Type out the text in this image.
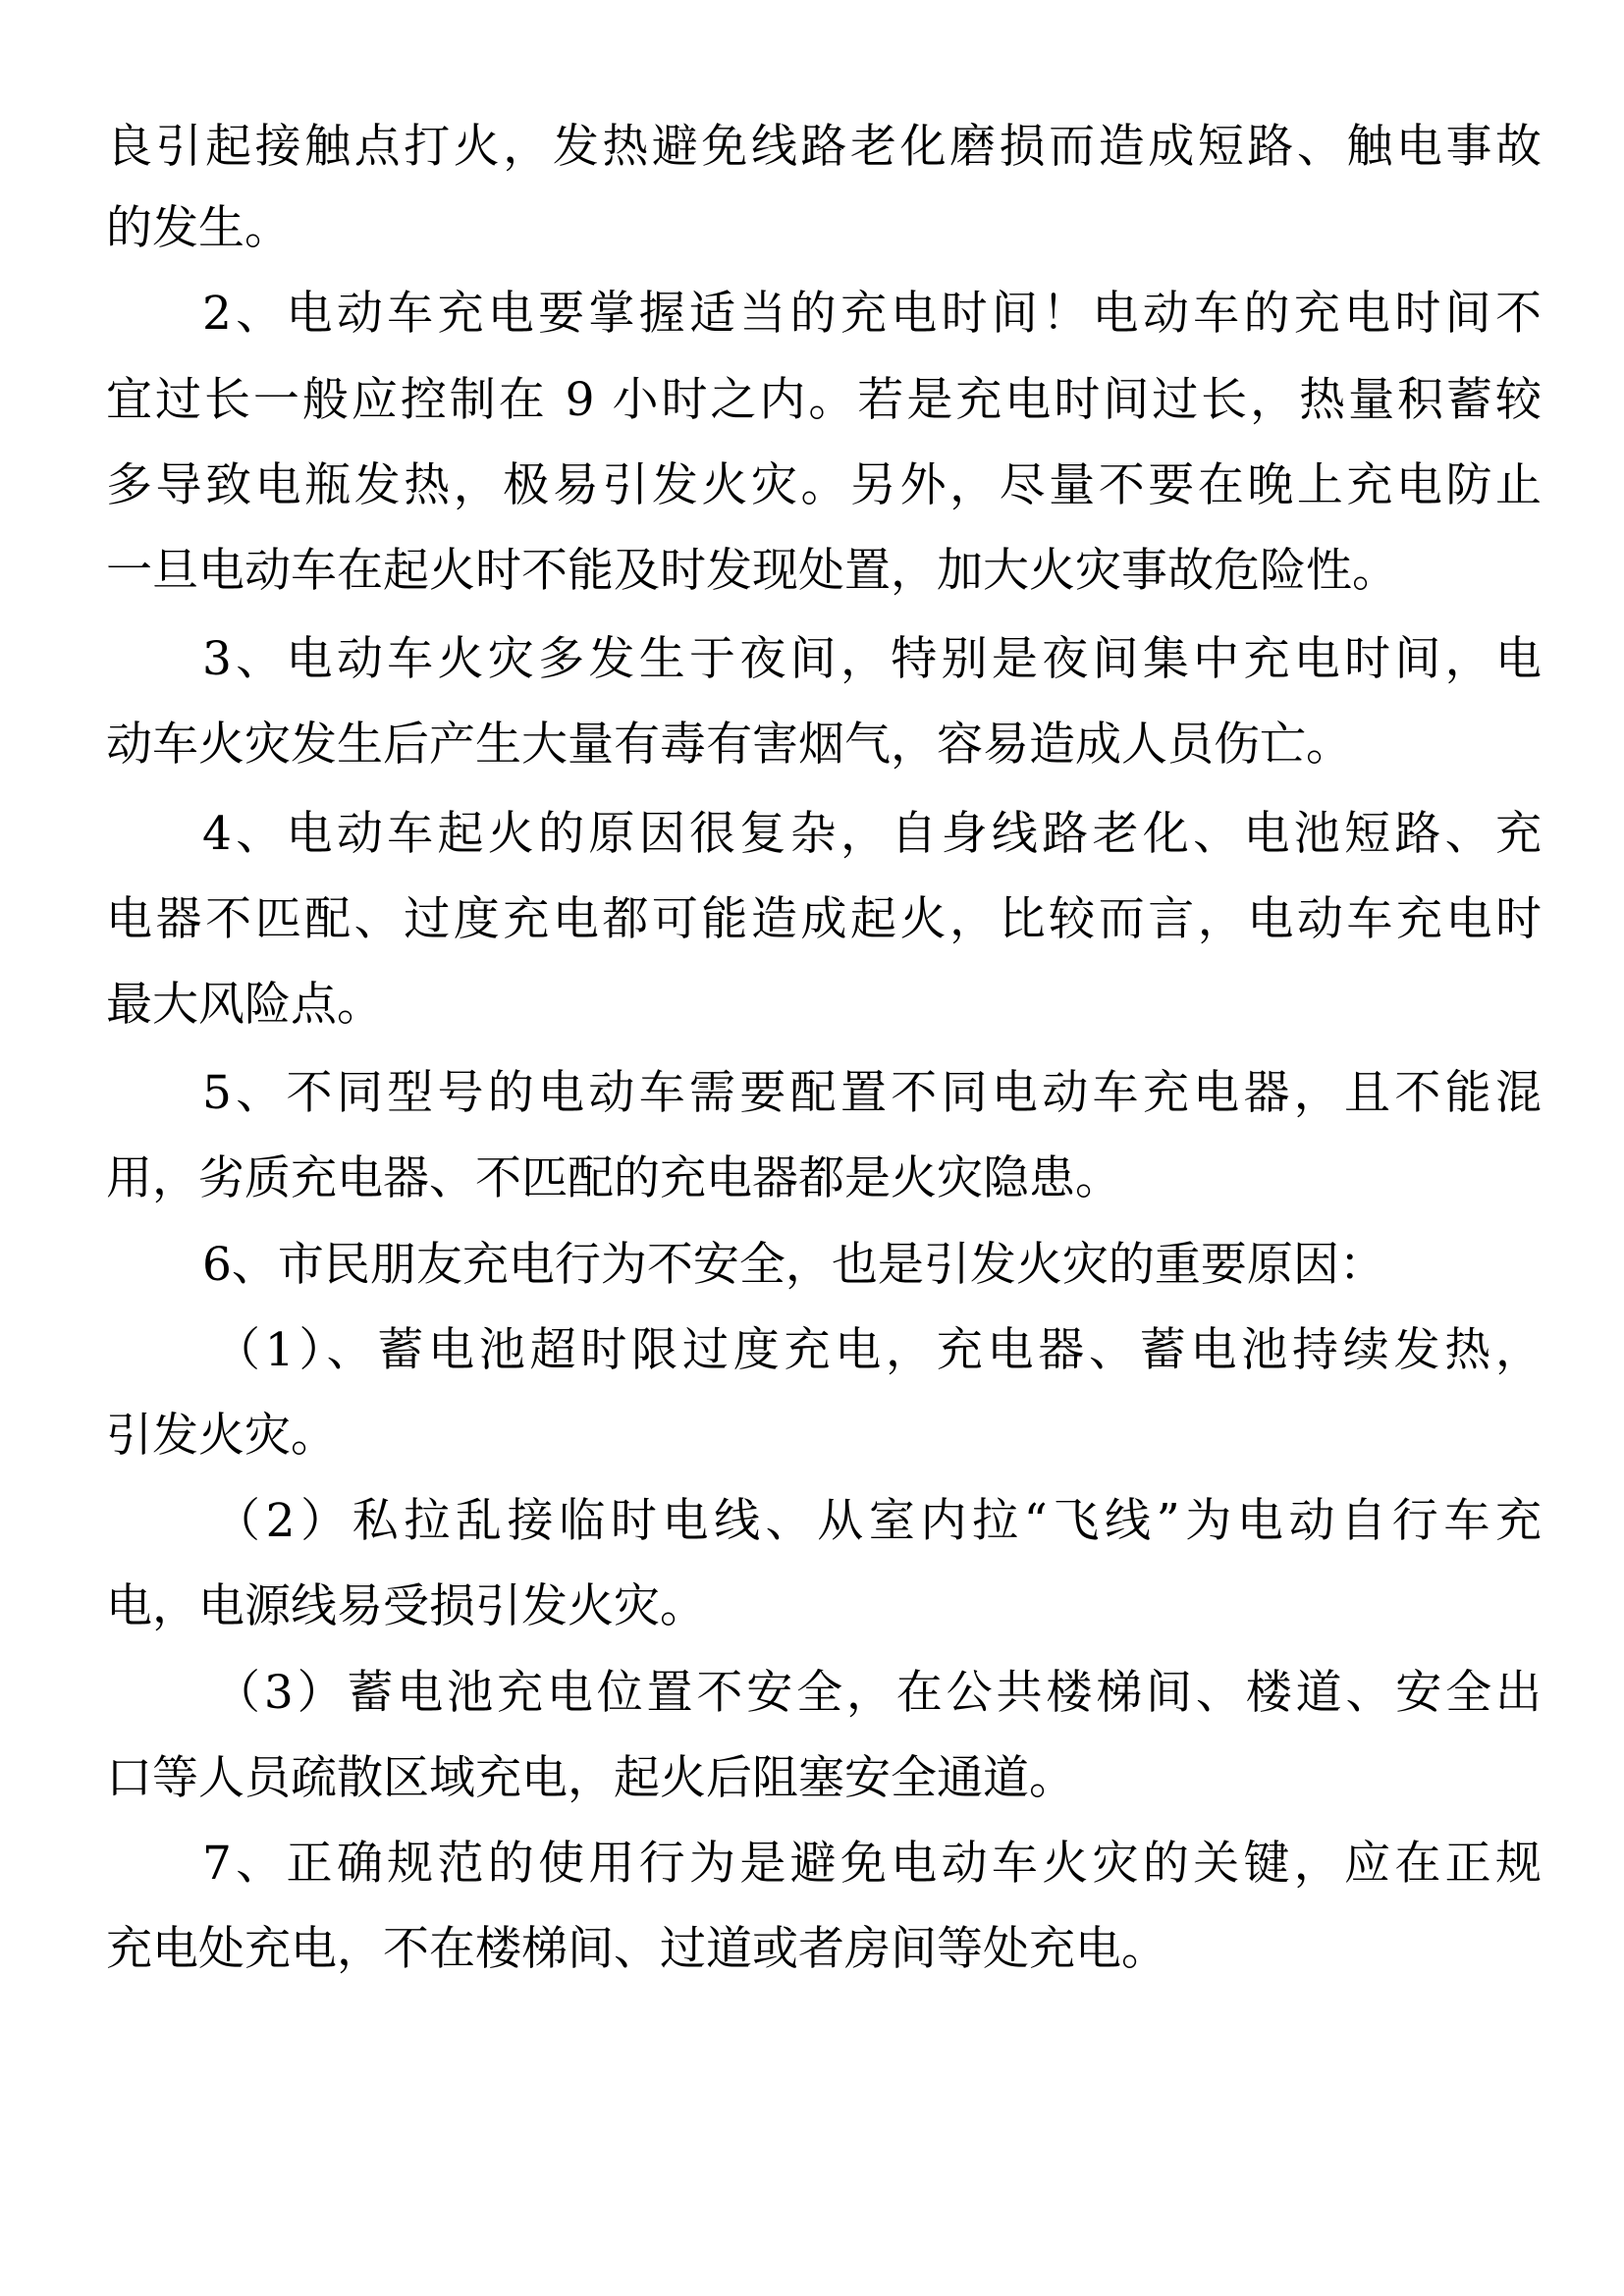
良引起接触点打火，发热避免线路老化磨损而造成短路、触电事故
的发生。
2、电动车充电要掌握适当的充电时间！电动车的充电时间不
宜过长一般应控制在 9 小时之内。若是充电时间过长，热量积蓄较
多导致电瓶发热，极易引发火灾。另外，尽量不要在晚上充电防止
一旦电动车在起火时不能及时发现处置，加大火灾事故危险性。
3、电动车火灾多发生于夜间，特别是夜间集中充电时间，电
动车火灾发生后产生大量有毒有害烟气，容易造成人员伤亡。
4、电动车起火的原因很复杂，自身线路老化、电池短路、充
电器不匹配、过度充电都可能造成起火，比较而言，电动车充电时
最大风险点。
5、不同型号的电动车需要配置不同电动车充电器，且不能混
用，劣质充电器、不匹配的充电器都是火灾隐患。
6、市民朋友充电行为不安全，也是引发火灾的重要原因：
（1）、蓄电池超时限过度充电，充电器、蓄电池持续发热，
引发火灾。
（2）私拉乱接临时电线、从室内拉“飞线”为电动自行车充
电，电源线易受损引发火灾。
（3）蓄电池充电位置不安全，在公共楼梯间、楼道、安全出
口等人员疏散区域充电，起火后阻塞安全通道。
7、正确规范的使用行为是避免电动车火灾的关键，应在正规
充电处充电，不在楼梯间、过道或者房间等处充电。
